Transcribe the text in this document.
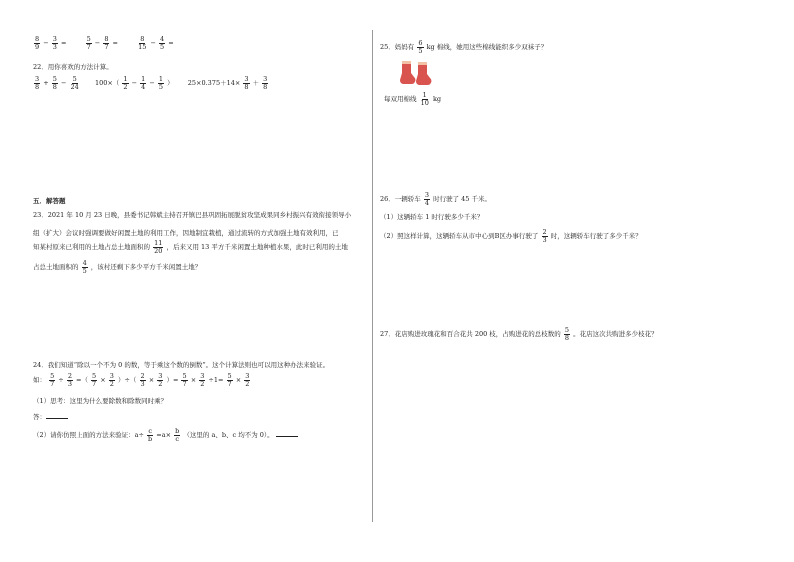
$\frac{8}{9} - \frac{3}{3}$ =	$\frac{5}{7} - \frac{8}{7}$ =	$\frac{8}{15} - \frac{4}{5}$ =
22．用你喜欢的方法计算。
$\frac{3}{8} + \frac{5}{8} - \frac{5}{24} 100\times( \frac{1}{2} - \frac{1}{4} - \frac{1}{5}$ ） $25\times 0.375+14\times \frac{3}{8} + \frac{3}{8}$
五．解答题
23．2021 年 10 月 23 日晚，县委书记韩斌主持召开镇巴县巩固拓展脱贫攻坚成果同乡村振兴有效衔接领导小
组（扩大）会议时强调要做好闲置土地的利用工作，因地制宜栽植，通过流转的方式加强土地有效利用，已
知某村原来已利用的土地占总土地面积的 $\frac{11}{20}$ ，后来又用 13 平方千米闲置土地种植水果，此时已利用的土地
占总土地面积的 $\frac{4}{5}$ ，该村还剩下多少平方千米闲置土地？
24．我们知道“除以一个不为 0 的数，等于乘这个数的倒数”。这个计算法则也可以用这种办法来验证。
如： $\frac{5}{7} \div \frac{2}{3}$ =（ $\frac{5}{7} \times \frac{3}{2}$ ）÷（ $\frac{2}{3} \times \frac{3}{2}$ ）= $\frac{5}{7} \times \frac{3}{2} \div 1= \frac{5}{7} \times \frac{3}{2}$
（1）思考：这里为什么要除数和除数同时乘？
答：
（2）请你仿照上面的方法来验证：$a\div \frac{c}{b} =a\times \frac{b}{c}$ （这里的 a、b、c 均不为 0）。
25．妈妈有 $\frac{6}{5}$ kg 棉线，她用这些棉线能织多少双袜子？
每双用棉线 $\frac{1}{10}$ kg
26．一辆轿车 $\frac{3}{4}$ 时行驶了 45 千米。
（1）这辆轿车 1 时行驶多少千米？
（2）照这样计算，这辆轿车从市中心到B区办事行驶了 $\frac{2}{3}$ 时，这辆轿车行驶了多少千米？
27．花店购进玫瑰花和百合花共 200 枝，占购进花的总枝数的 $\frac{5}{8}$ 。花店这次共购进多少枝花？
